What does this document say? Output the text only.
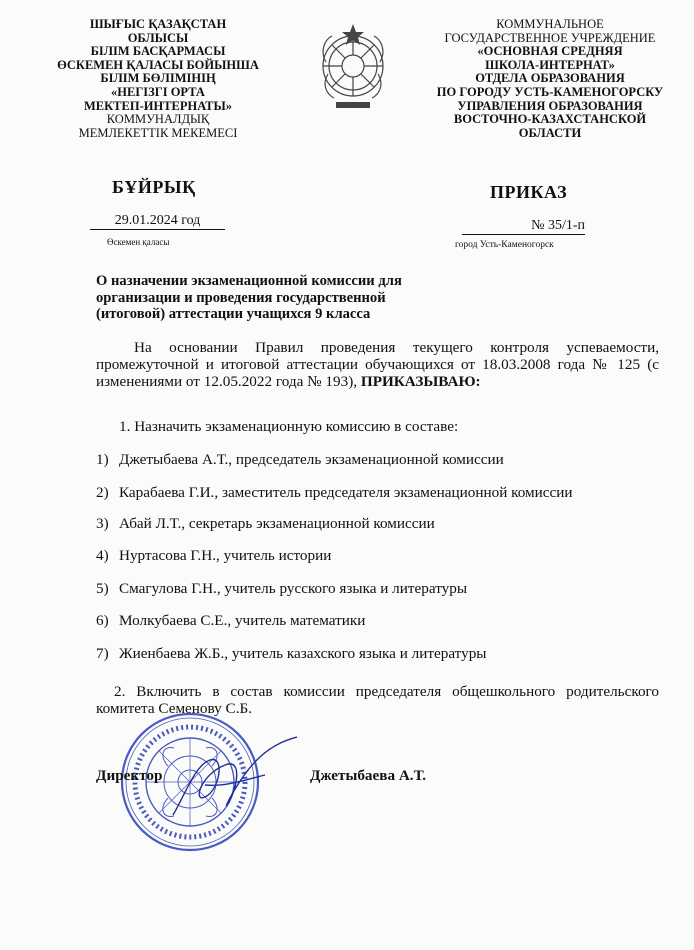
ШЫҒЫС ҚАЗАҚСТАН
ОБЛЫСЫ
БІЛІМ БАСҚАРМАСЫ
ӨСКЕМЕН ҚАЛАСЫ БОЙЫНША
БІЛІМ БӨЛІМІНІҢ
«НЕГІЗГІ ОРТА
МЕКТЕП-ИНТЕРНАТЫ»
КОММУНАЛДЫҚ
МЕМЛЕКЕТТІК МЕКЕМЕСІ
КОММУНАЛЬНОЕ
ГОСУДАРСТВЕННОЕ УЧРЕЖДЕНИЕ
«ОСНОВНАЯ СРЕДНЯЯ
ШКОЛА-ИНТЕРНАТ»
ОТДЕЛА ОБРАЗОВАНИЯ
ПО ГОРОДУ УСТЬ-КАМЕНОГОРСКУ
УПРАВЛЕНИЯ ОБРАЗОВАНИЯ
ВОСТОЧНО-КАЗАХСТАНСКОЙ
ОБЛАСТИ
БҰЙРЫҚ	ПРИКАЗ
29.01.2024 год
Өскемен қаласы
№ 35/1-п
город Усть-Каменогорск
О назначении экзаменационной комиссии для организации и проведения государственной (итоговой) аттестации учащихся 9 класса
На основании Правил проведения текущего контроля успеваемости, промежуточной и итоговой аттестации обучающихся от 18.03.2008 года № 125 (с изменениями от 12.05.2022 года № 193), ПРИКАЗЫВАЮ:
1. Назначить экзаменационную комиссию в составе:
1) Джетыбаева А.Т., председатель экзаменационной комиссии
2) Карабаева Г.И., заместитель председателя экзаменационной комиссии
3) Абай Л.Т., секретарь экзаменационной комиссии
4) Нуртасова Г.Н., учитель истории
5) Смагулова Г.Н., учитель русского языка и литературы
6) Молкубаева С.Е., учитель математики
7) Жиенбаева Ж.Б., учитель казахского языка и литературы
2. Включить в состав комиссии председателя общешкольного родительского комитета Семенову С.Б.
Директор	Джетыбаева А.Т.
